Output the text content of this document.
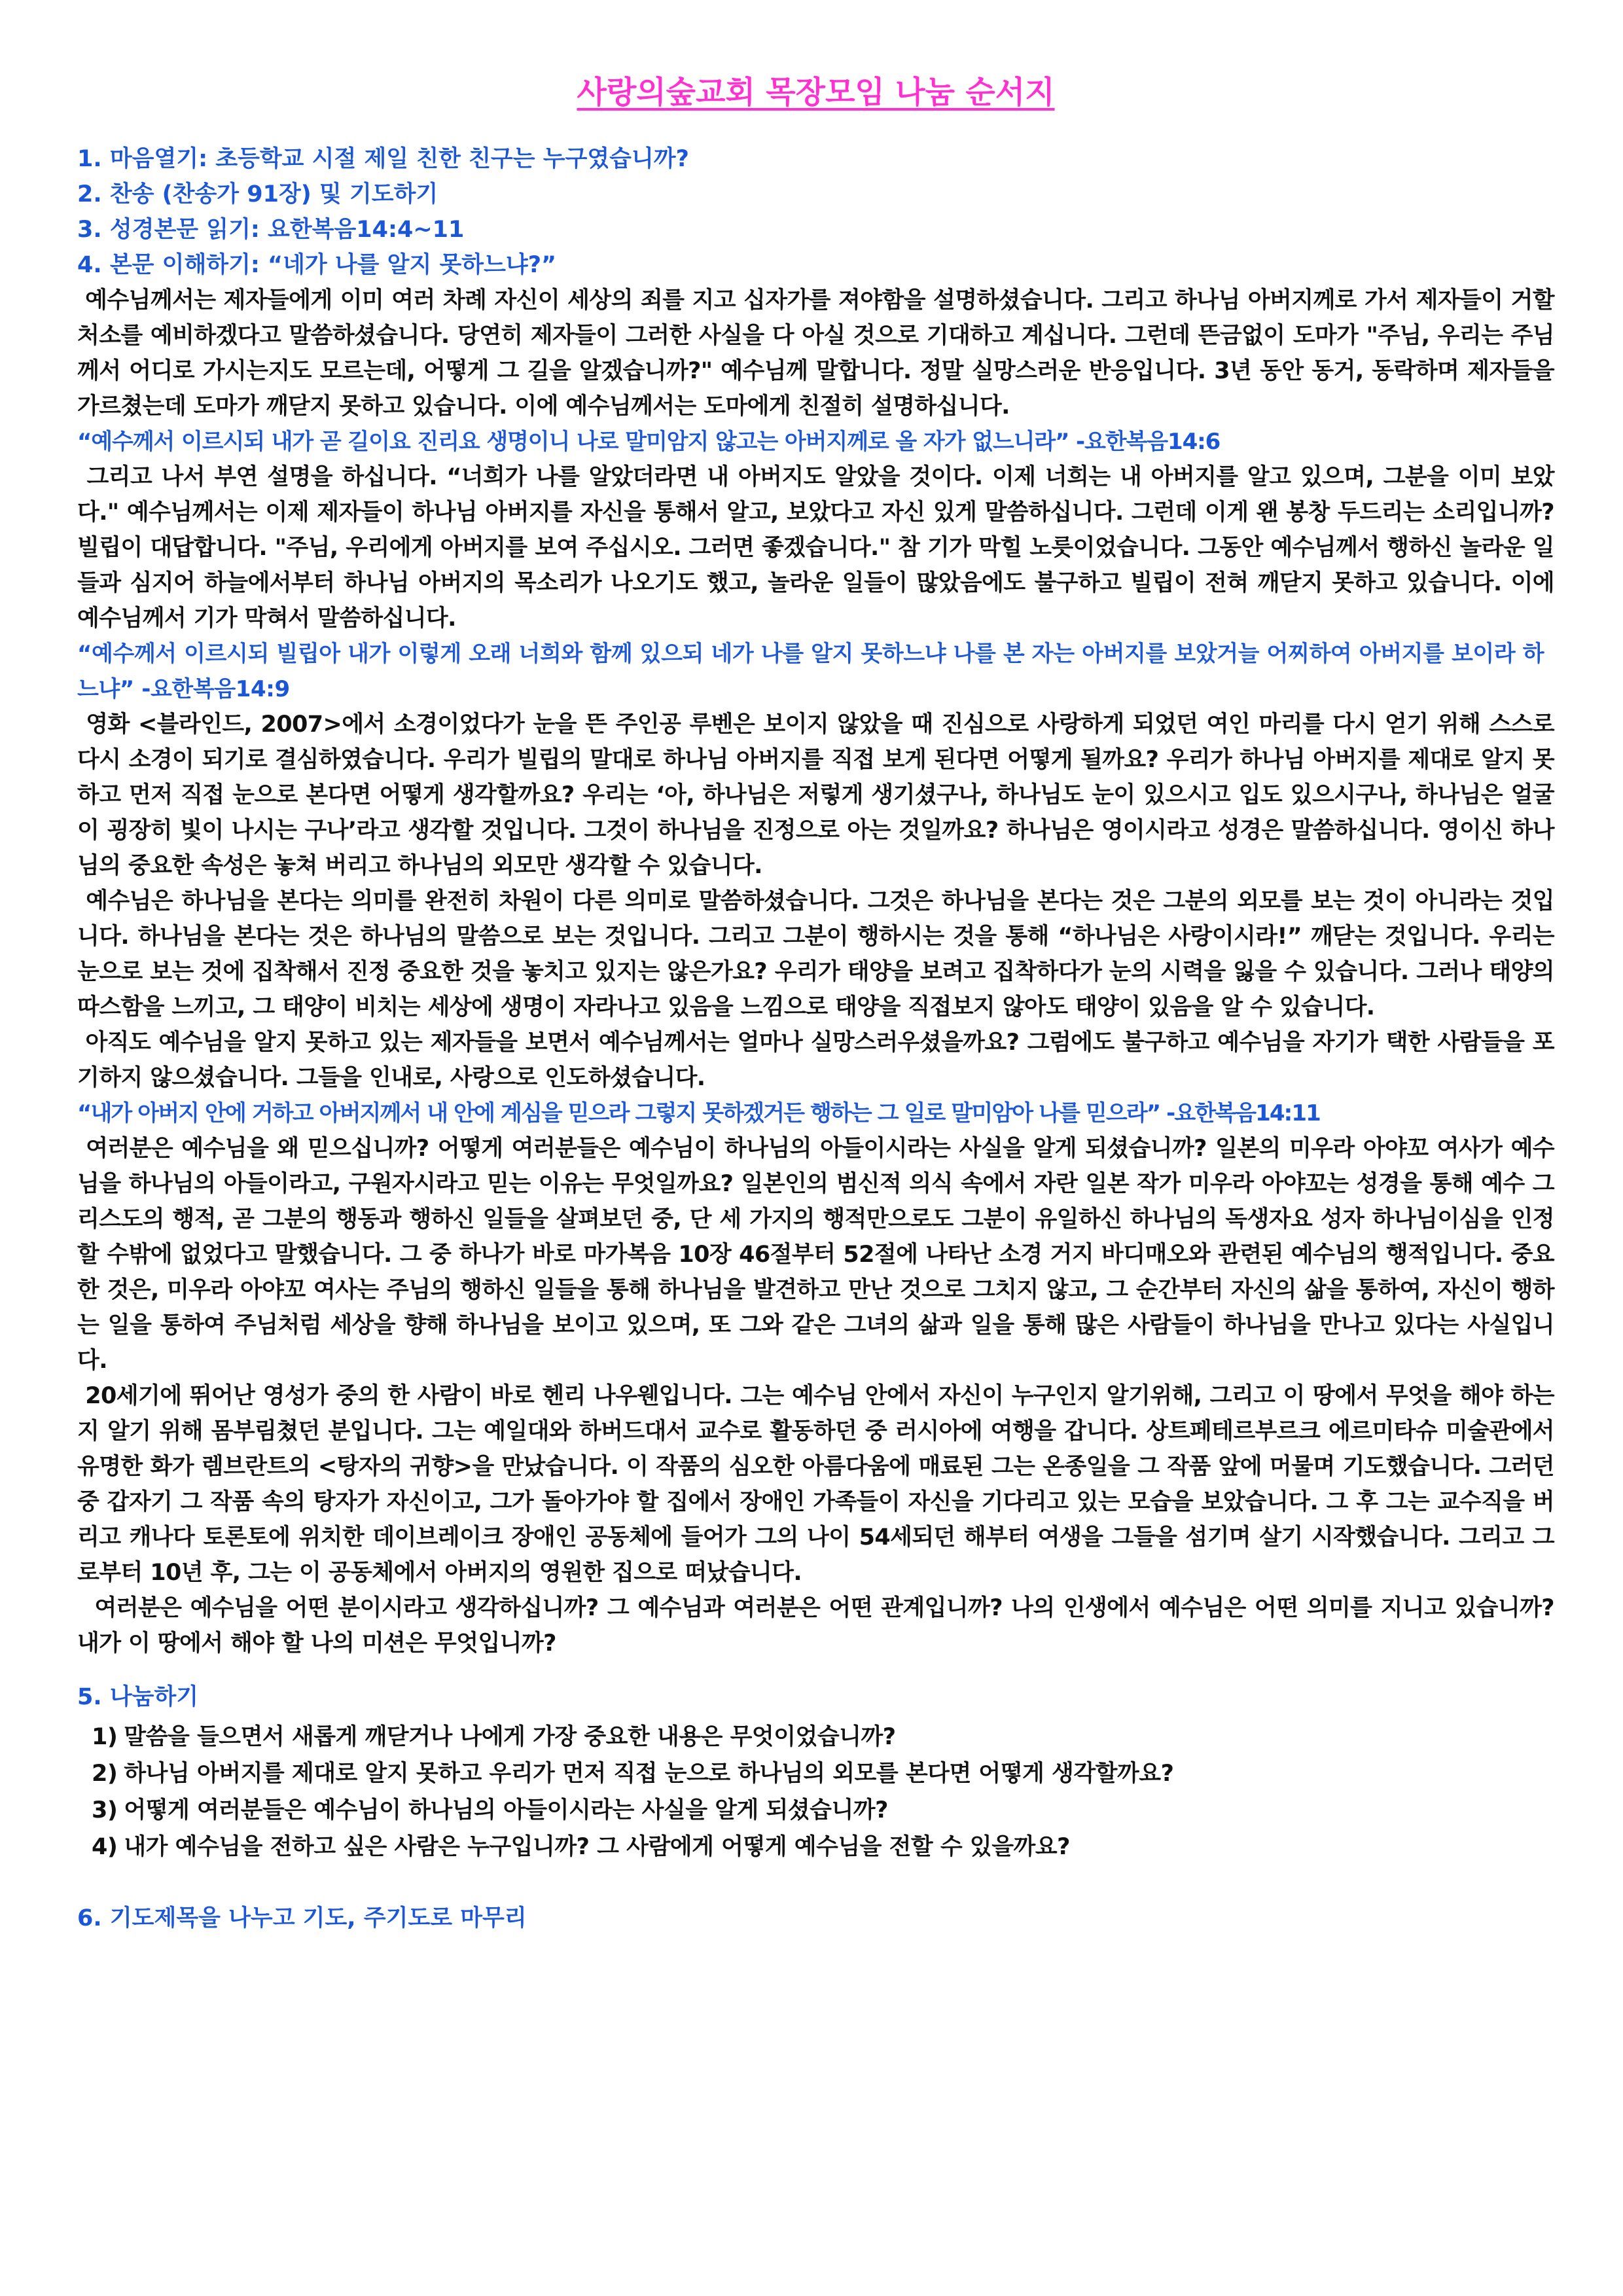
사랑의숲교회 목장모임 나눔 순서지

1. 마음열기: 초등학교 시절 제일 친한 친구는 누구였습니까?

2. 찬송 (찬송가 91장) 및 기도하기

3. 성경본문 읽기: 요한복음14:4~11

4. 본문 이해하기: “네가 나를 알지 못하느냐?”

예수님께서는 제자들에게 이미 여러 차례 자신이 세상의 죄를 지고 십자가를 져야함을 설명하셨습니다. 그리고 하나님 아버지께로 가서 제자들이 거할 처소를 예비하겠다고 말씀하셨습니다. 당연히 제자들이 그러한 사실을 다 아실 것으로 기대하고 계십니다. 그런데 뜬금없이 도마가 "주님, 우리는 주님께서 어디로 가시는지도 모르는데, 어떻게 그 길을 알겠습니까?" 예수님께 말합니다. 정말 실망스러운 반응입니다. 3년 동안 동거, 동락하며 제자들을 가르쳤는데 도마가 깨닫지 못하고 있습니다. 이에 예수님께서는 도마에게 친절히 설명하십니다.

“예수께서 이르시되 내가 곧 길이요 진리요 생명이니 나로 말미암지 않고는 아버지께로 올 자가 없느니라” -요한복음14:6

그리고 나서 부연 설명을 하십니다. “너희가 나를 알았더라면 내 아버지도 알았을 것이다. 이제 너희는 내 아버지를 알고 있으며, 그분을 이미 보았다." 예수님께서는 이제 제자들이 하나님 아버지를 자신을 통해서 알고, 보았다고 자신 있게 말씀하십니다. 그런데 이게 왠 봉창 두드리는 소리입니까? 빌립이 대답합니다. "주님, 우리에게 아버지를 보여 주십시오. 그러면 좋겠습니다." 참 기가 막힐 노릇이었습니다. 그동안 예수님께서 행하신 놀라운 일들과 심지어 하늘에서부터 하나님 아버지의 목소리가 나오기도 했고, 놀라운 일들이 많았음에도 불구하고 빌립이 전혀 깨닫지 못하고 있습니다. 이에 예수님께서 기가 막혀서 말씀하십니다.

“예수께서 이르시되 빌립아 내가 이렇게 오래 너희와 함께 있으되 네가 나를 알지 못하느냐 나를 본 자는 아버지를 보았거늘 어찌하여 아버지를 보이라 하느냐” -요한복음14:9

영화 <블라인드, 2007>에서 소경이었다가 눈을 뜬 주인공 루벤은 보이지 않았을 때 진심으로 사랑하게 되었던 여인 마리를 다시 얻기 위해 스스로 다시 소경이 되기로 결심하였습니다. 우리가 빌립의 말대로 하나님 아버지를 직접 보게 된다면 어떻게 될까요? 우리가 하나님 아버지를 제대로 알지 못하고 먼저 직접 눈으로 본다면 어떻게 생각할까요? 우리는 ‘아, 하나님은 저렇게 생기셨구나, 하나님도 눈이 있으시고 입도 있으시구나, 하나님은 얼굴이 굉장히 빛이 나시는 구나’라고 생각할 것입니다. 그것이 하나님을 진정으로 아는 것일까요? 하나님은 영이시라고 성경은 말씀하십니다. 영이신 하나님의 중요한 속성은 놓쳐 버리고 하나님의 외모만 생각할 수 있습니다.

예수님은 하나님을 본다는 의미를 완전히 차원이 다른 의미로 말씀하셨습니다. 그것은 하나님을 본다는 것은 그분의 외모를 보는 것이 아니라는 것입니다. 하나님을 본다는 것은 하나님의 말씀으로 보는 것입니다. 그리고 그분이 행하시는 것을 통해 “하나님은 사랑이시라!” 깨닫는 것입니다. 우리는 눈으로 보는 것에 집착해서 진정 중요한 것을 놓치고 있지는 않은가요? 우리가 태양을 보려고 집착하다가 눈의 시력을 잃을 수 있습니다. 그러나 태양의 따스함을 느끼고, 그 태양이 비치는 세상에 생명이 자라나고 있음을 느낌으로 태양을 직접보지 않아도 태양이 있음을 알 수 있습니다.

아직도 예수님을 알지 못하고 있는 제자들을 보면서 예수님께서는 얼마나 실망스러우셨을까요? 그럼에도 불구하고 예수님을 자기가 택한 사람들을 포기하지 않으셨습니다. 그들을 인내로, 사랑으로 인도하셨습니다.

“내가 아버지 안에 거하고 아버지께서 내 안에 계심을 믿으라 그렇지 못하겠거든 행하는 그 일로 말미암아 나를 믿으라” -요한복음14:11

여러분은 예수님을 왜 믿으십니까? 어떻게 여러분들은 예수님이 하나님의 아들이시라는 사실을 알게 되셨습니까? 일본의 미우라 아야꼬 여사가 예수님을 하나님의 아들이라고, 구원자시라고 믿는 이유는 무엇일까요? 일본인의 범신적 의식 속에서 자란 일본 작가 미우라 아야꼬는 성경을 통해 예수 그리스도의 행적, 곧 그분의 행동과 행하신 일들을 살펴보던 중, 단 세 가지의 행적만으로도 그분이 유일하신 하나님의 독생자요 성자 하나님이심을 인정할 수밖에 없었다고 말했습니다. 그 중 하나가 바로 마가복음 10장 46절부터 52절에 나타난 소경 거지 바디매오와 관련된 예수님의 행적입니다. 중요한 것은, 미우라 아야꼬 여사는 주님의 행하신 일들을 통해 하나님을 발견하고 만난 것으로 그치지 않고, 그 순간부터 자신의 삶을 통하여, 자신이 행하는 일을 통하여 주님처럼 세상을 향해 하나님을 보이고 있으며, 또 그와 같은 그녀의 삶과 일을 통해 많은 사람들이 하나님을 만나고 있다는 사실입니다.

20세기에 뛰어난 영성가 중의 한 사람이 바로 헨리 나우웬입니다. 그는 예수님 안에서 자신이 누구인지 알기위해, 그리고 이 땅에서 무엇을 해야 하는지 알기 위해 몸부림쳤던 분입니다. 그는 예일대와 하버드대서 교수로 활동하던 중 러시아에 여행을 갑니다. 상트페테르부르크 에르미타슈 미술관에서 유명한 화가 렘브란트의 <탕자의 귀향>을 만났습니다. 이 작품의 심오한 아름다움에 매료된 그는 온종일을 그 작품 앞에 머물며 기도했습니다. 그러던 중 갑자기 그 작품 속의 탕자가 자신이고, 그가 돌아가야 할 집에서 장애인 가족들이 자신을 기다리고 있는 모습을 보았습니다. 그 후 그는 교수직을 버리고 캐나다 토론토에 위치한 데이브레이크 장애인 공동체에 들어가 그의 나이 54세되던 해부터 여생을 그들을 섬기며 살기 시작했습니다. 그리고 그로부터 10년 후, 그는 이 공동체에서 아버지의 영원한 집으로 떠났습니다.

여러분은 예수님을 어떤 분이시라고 생각하십니까? 그 예수님과 여러분은 어떤 관계입니까? 나의 인생에서 예수님은 어떤 의미를 지니고 있습니까? 내가 이 땅에서 해야 할 나의 미션은 무엇입니까?

5. 나눔하기

1) 말씀을 들으면서 새롭게 깨닫거나 나에게 가장 중요한 내용은 무엇이었습니까?
2) 하나님 아버지를 제대로 알지 못하고 우리가 먼저 직접 눈으로 하나님의 외모를 본다면 어떻게 생각할까요?
3) 어떻게 여러분들은 예수님이 하나님의 아들이시라는 사실을 알게 되셨습니까?
4) 내가 예수님을 전하고 싶은 사람은 누구입니까? 그 사람에게 어떻게 예수님을 전할 수 있을까요?

6. 기도제목을 나누고 기도, 주기도로 마무리
